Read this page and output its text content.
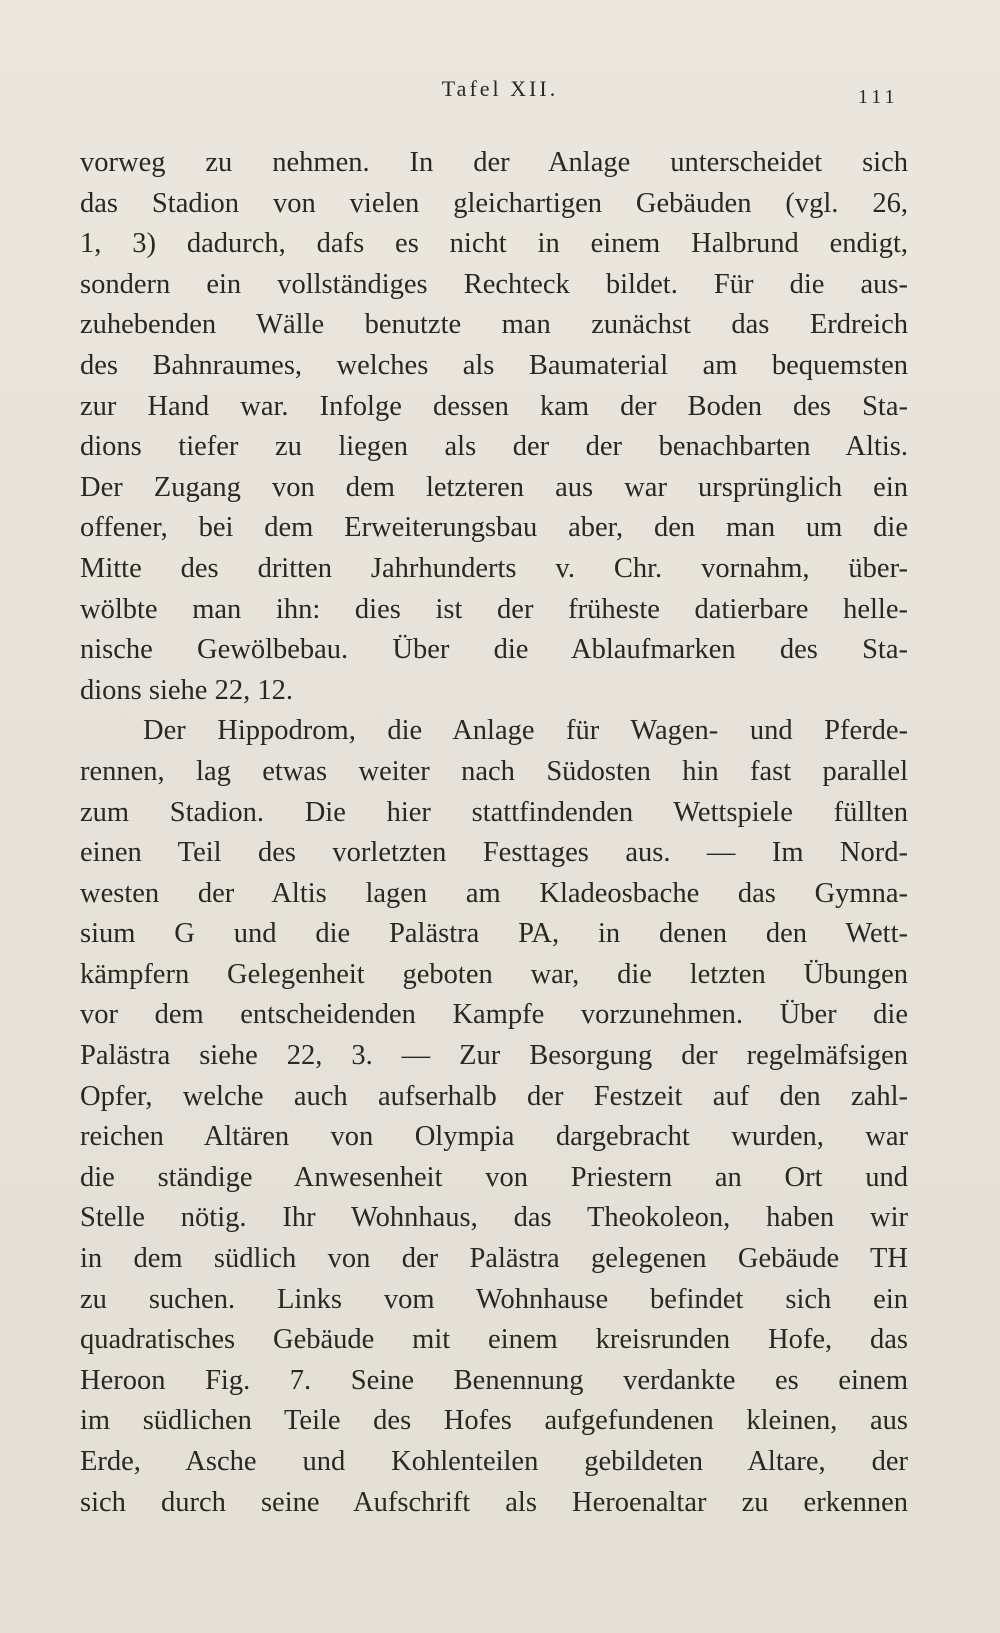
Tafel XII.	111
vorweg zu nehmen. In der Anlage unterscheidet sich
das Stadion von vielen gleichartigen Gebäuden (vgl. 26,
1, 3) dadurch, dafs es nicht in einem Halbrund endigt,
sondern ein vollständiges Rechteck bildet. Für die aus-
zuhebenden Wälle benutzte man zunächst das Erdreich
des Bahnraumes, welches als Baumaterial am bequemsten
zur Hand war. Infolge dessen kam der Boden des Sta-
dions tiefer zu liegen als der der benachbarten Altis.
Der Zugang von dem letzteren aus war ursprünglich ein
offener, bei dem Erweiterungsbau aber, den man um die
Mitte des dritten Jahrhunderts v. Chr. vornahm, über-
wölbte man ihn: dies ist der früheste datierbare helle-
nische Gewölbebau. Über die Ablaufmarken des Sta-
dions siehe 22, 12.
Der Hippodrom, die Anlage für Wagen- und Pferde-
rennen, lag etwas weiter nach Südosten hin fast parallel
zum Stadion. Die hier stattfindenden Wettspiele füllten
einen Teil des vorletzten Festtages aus. — Im Nord-
westen der Altis lagen am Kladeosbache das Gymna-
sium G und die Palästra PA, in denen den Wett-
kämpfern Gelegenheit geboten war, die letzten Übungen
vor dem entscheidenden Kampfe vorzunehmen. Über die
Palästra siehe 22, 3. — Zur Besorgung der regelmäfsigen
Opfer, welche auch aufserhalb der Festzeit auf den zahl-
reichen Altären von Olympia dargebracht wurden, war
die ständige Anwesenheit von Priestern an Ort und
Stelle nötig. Ihr Wohnhaus, das Theokoleon, haben wir
in dem südlich von der Palästra gelegenen Gebäude TH
zu suchen. Links vom Wohnhause befindet sich ein
quadratisches Gebäude mit einem kreisrunden Hofe, das
Heroon Fig. 7. Seine Benennung verdankte es einem
im südlichen Teile des Hofes aufgefundenen kleinen, aus
Erde, Asche und Kohlenteilen gebildeten Altare, der
sich durch seine Aufschrift als Heroenaltar zu erkennen
